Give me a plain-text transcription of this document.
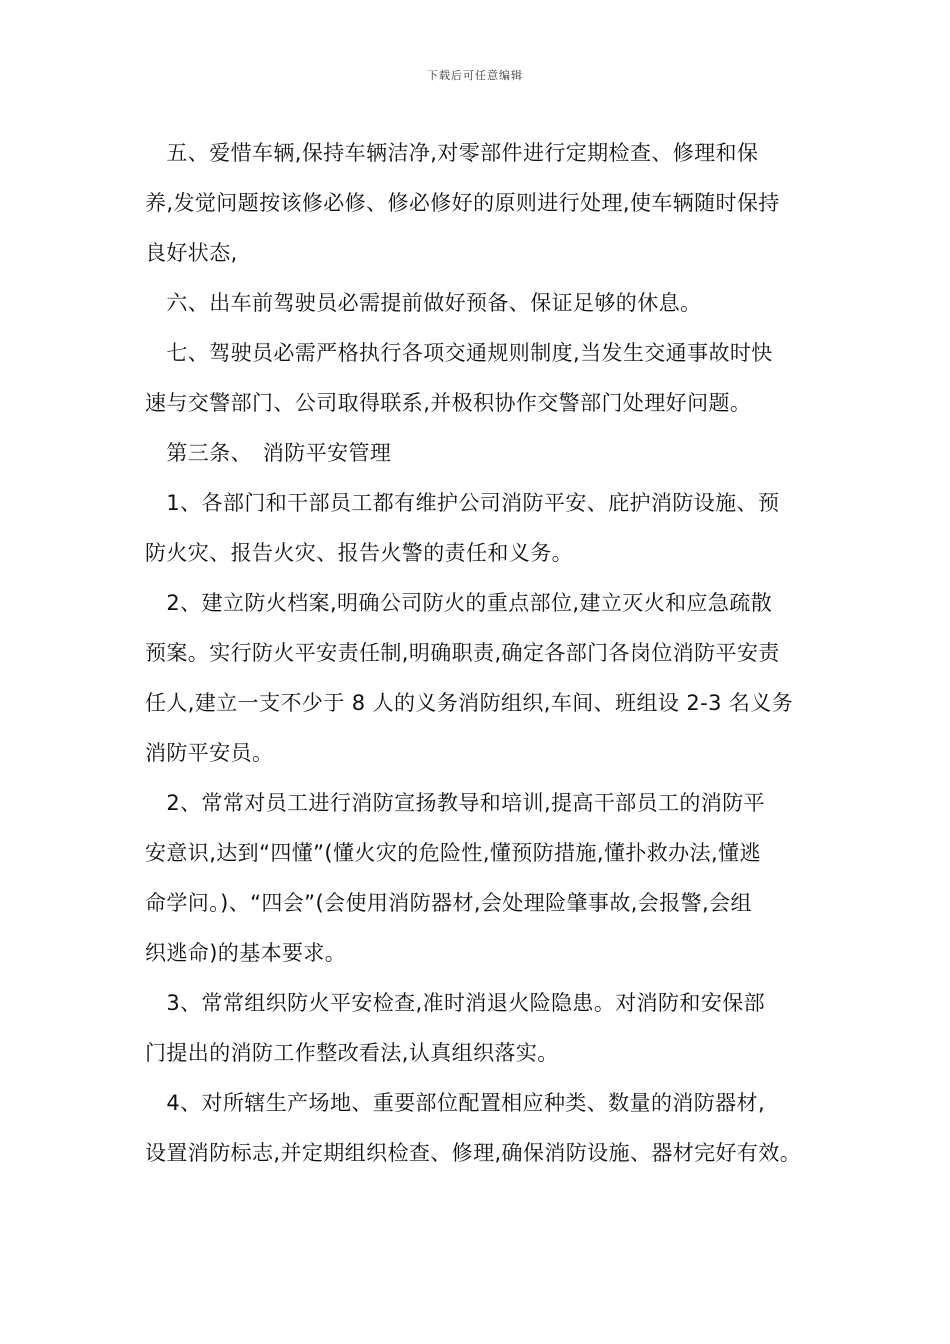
下载后可任意编辑
　五、爱惜车辆,保持车辆洁净,对零部件进行定期检查、修理和保
养,发觉问题按该修必修、修必修好的原则进行处理,使车辆随时保持
良好状态,
　六、出车前驾驶员必需提前做好预备、保证足够的休息。
　七、驾驶员必需严格执行各项交通规则制度,当发生交通事故时快
速与交警部门、公司取得联系,并极积协作交警部门处理好问题。
　第三条、　消防平安管理
　1、各部门和干部员工都有维护公司消防平安、庇护消防设施、预
防火灾、报告火灾、报告火警的责任和义务。
　2、建立防火档案,明确公司防火的重点部位,建立灭火和应急疏散
预案。实行防火平安责任制,明确职责,确定各部门各岗位消防平安责
任人,建立一支不少于 8 人的义务消防组织,车间、班组设 2-3 名义务
消防平安员。
　2、常常对员工进行消防宣扬教导和培训,提高干部员工的消防平
安意识,达到“四懂”(懂火灾的危险性,懂预防措施,懂扑救办法,懂逃
命学问。)、“四会”(会使用消防器材,会处理险肇事故,会报警,会组
织逃命)的基本要求。
　3、常常组织防火平安检查,准时消退火险隐患。对消防和安保部
门提出的消防工作整改看法,认真组织落实。
　4、对所辖生产场地、重要部位配置相应种类、数量的消防器材,
设置消防标志,并定期组织检查、修理,确保消防设施、器材完好有效。
